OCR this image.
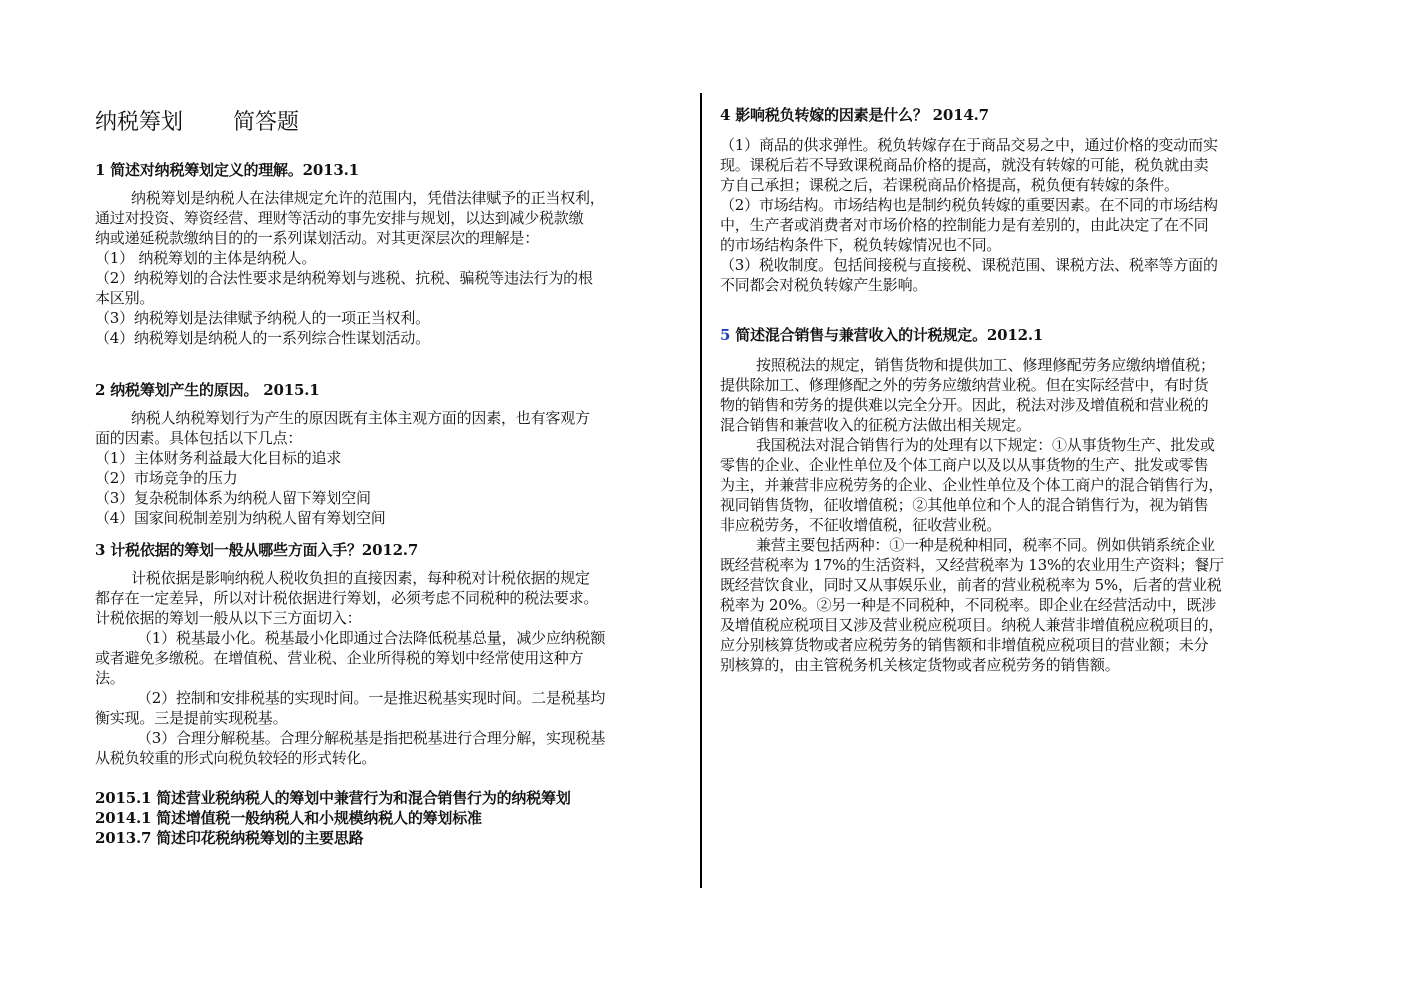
纳税筹划 简答题
1 简述对纳税筹划定义的理解。2013.1
纳税筹划是纳税人在法律规定允许的范围内，凭借法律赋予的正当权利，
通过对投资、筹资经营、理财等活动的事先安排与规划，以达到减少税款缴
纳或递延税款缴纳目的的一系列谋划活动。对其更深层次的理解是：
（1） 纳税筹划的主体是纳税人。
（2）纳税筹划的合法性要求是纳税筹划与逃税、抗税、骗税等违法行为的根
本区别。
（3）纳税筹划是法律赋予纳税人的一项正当权利。
（4）纳税筹划是纳税人的一系列综合性谋划活动。
2 纳税筹划产生的原因。 2015.1
纳税人纳税筹划行为产生的原因既有主体主观方面的因素，也有客观方
面的因素。具体包括以下几点：
（1）主体财务利益最大化目标的追求
（2）市场竞争的压力
（3）复杂税制体系为纳税人留下筹划空间
（4）国家间税制差别为纳税人留有筹划空间
3 计税依据的筹划一般从哪些方面入手？2012.7
计税依据是影响纳税人税收负担的直接因素，每种税对计税依据的规定
都存在一定差异，所以对计税依据进行筹划，必须考虑不同税种的税法要求。
计税依据的筹划一般从以下三方面切入：
（1）税基最小化。税基最小化即通过合法降低税基总量，减少应纳税额
或者避免多缴税。在增值税、营业税、企业所得税的筹划中经常使用这种方
法。
（2）控制和安排税基的实现时间。一是推迟税基实现时间。二是税基均
衡实现。三是提前实现税基。
（3）合理分解税基。合理分解税基是指把税基进行合理分解，实现税基
从税负较重的形式向税负较轻的形式转化。
2015.1 简述营业税纳税人的筹划中兼营行为和混合销售行为的纳税筹划
2014.1 简述增值税一般纳税人和小规模纳税人的筹划标准
2013.7 简述印花税纳税筹划的主要思路
4 影响税负转嫁的因素是什么？ 2014.7
（1）商品的供求弹性。税负转嫁存在于商品交易之中，通过价格的变动而实
现。课税后若不导致课税商品价格的提高，就没有转嫁的可能，税负就由卖
方自己承担；课税之后，若课税商品价格提高，税负便有转嫁的条件。
（2）市场结构。市场结构也是制约税负转嫁的重要因素。在不同的市场结构
中，生产者或消费者对市场价格的控制能力是有差别的，由此决定了在不同
的市场结构条件下，税负转嫁情况也不同。
（3）税收制度。包括间接税与直接税、课税范围、课税方法、税率等方面的
不同都会对税负转嫁产生影响。
5 简述混合销售与兼营收入的计税规定。2012.1
按照税法的规定，销售货物和提供加工、修理修配劳务应缴纳增值税；
提供除加工、修理修配之外的劳务应缴纳营业税。但在实际经营中，有时货
物的销售和劳务的提供难以完全分开。因此，税法对涉及增值税和营业税的
混合销售和兼营收入的征税方法做出相关规定。
我国税法对混合销售行为的处理有以下规定：①从事货物生产、批发或
零售的企业、企业性单位及个体工商户以及以从事货物的生产、批发或零售
为主，并兼营非应税劳务的企业、企业性单位及个体工商户的混合销售行为，
视同销售货物，征收增值税；②其他单位和个人的混合销售行为，视为销售
非应税劳务，不征收增值税，征收营业税。
兼营主要包括两种：①一种是税种相同，税率不同。例如供销系统企业
既经营税率为 17%的生活资料，又经营税率为 13%的农业用生产资料；餐厅
既经营饮食业，同时又从事娱乐业，前者的营业税税率为 5%，后者的营业税
税率为 20%。②另一种是不同税种，不同税率。即企业在经营活动中，既涉
及增值税应税项目又涉及营业税应税项目。纳税人兼营非增值税应税项目的，
应分别核算货物或者应税劳务的销售额和非增值税应税项目的营业额；未分
别核算的，由主管税务机关核定货物或者应税劳务的销售额。
